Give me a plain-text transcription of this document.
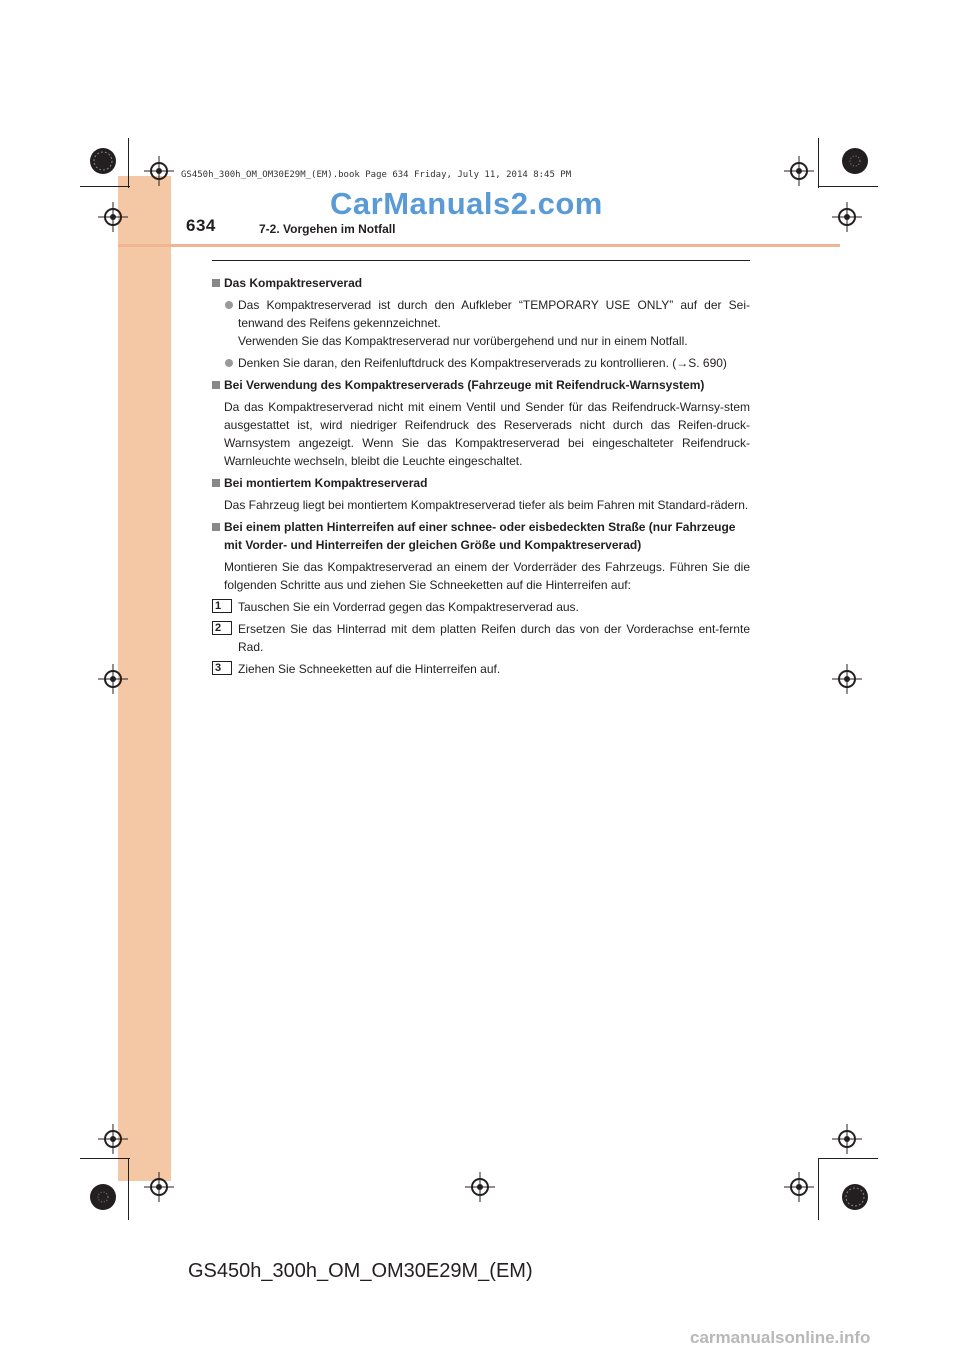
GS450h_300h_OM_OM30E29M_(EM).book Page 634 Friday, July 11, 2014 8:45 PM
CarManuals2.com
634	7-2. Vorgehen im Notfall
Das Kompaktreserverad
Das Kompaktreserverad ist durch den Aufkleber “TEMPORARY USE ONLY” auf der Sei-tenwand des Reifens gekennzeichnet.
Verwenden Sie das Kompaktreserverad nur vorübergehend und nur in einem Notfall.
Denken Sie daran, den Reifenluftdruck des Kompaktreserverads zu kontrollieren. (→S. 690)
Bei Verwendung des Kompaktreserverads (Fahrzeuge mit Reifendruck-Warnsystem)
Da das Kompaktreserverad nicht mit einem Ventil und Sender für das Reifendruck-Warnsy-stem ausgestattet ist, wird niedriger Reifendruck des Reserverads nicht durch das Reifen-druck-Warnsystem angezeigt. Wenn Sie das Kompaktreserverad bei eingeschalteter Reifendruck-Warnleuchte wechseln, bleibt die Leuchte eingeschaltet.
Bei montiertem Kompaktreserverad
Das Fahrzeug liegt bei montiertem Kompaktreserverad tiefer als beim Fahren mit Standard-rädern.
Bei einem platten Hinterreifen auf einer schnee- oder eisbedeckten Straße (nur Fahrzeuge mit Vorder- und Hinterreifen der gleichen Größe und Kompaktreserverad)
Montieren Sie das Kompaktreserverad an einem der Vorderräder des Fahrzeugs. Führen Sie die folgenden Schritte aus und ziehen Sie Schneeketten auf die Hinterreifen auf:
1	Tauschen Sie ein Vorderrad gegen das Kompaktreserverad aus.
2	Ersetzen Sie das Hinterrad mit dem platten Reifen durch das von der Vorderachse ent-fernte Rad.
3	Ziehen Sie Schneeketten auf die Hinterreifen auf.
GS450h_300h_OM_OM30E29M_(EM)
carmanualsonline.info
